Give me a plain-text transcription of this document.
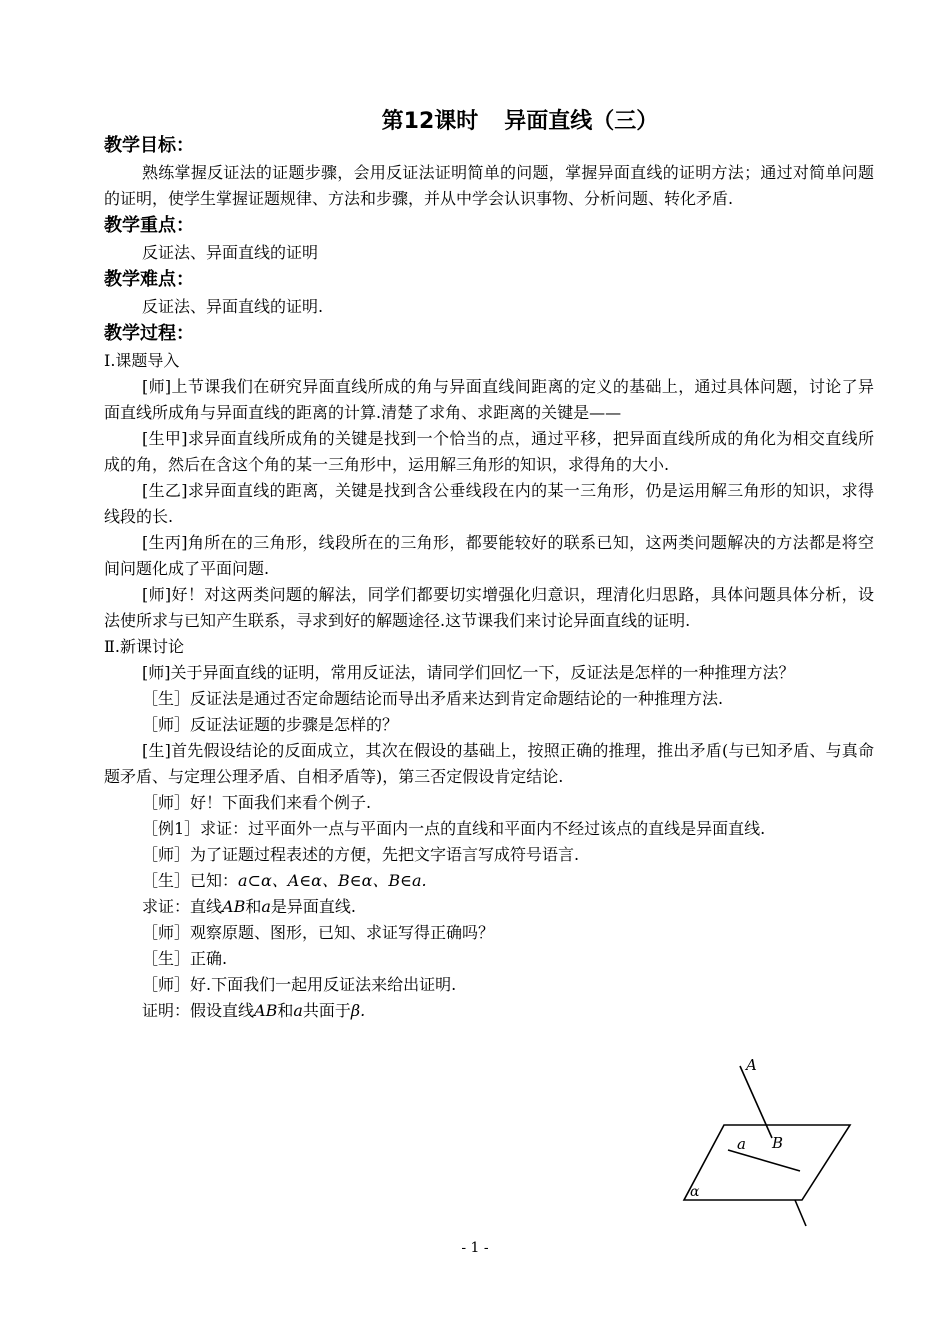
第12课时 异面直线（三）
教学目标：

熟练掌握反证法的证题步骤，会用反证法证明简单的问题，掌握异面直线的证明方法；通过对简单问题的证明，使学生掌握证题规律、方法和步骤，并从中学会认识事物、分析问题、转化矛盾.

教学重点：

反证法、异面直线的证明

教学难点：

反证法、异面直线的证明.

教学过程：

Ⅰ.课题导入

[师]上节课我们在研究异面直线所成的角与异面直线间距离的定义的基础上，通过具体问题，讨论了异面直线所成角与异面直线的距离的计算.清楚了求角、求距离的关键是——

[生甲]求异面直线所成角的关键是找到一个恰当的点，通过平移，把异面直线所成的角化为相交直线所成的角，然后在含这个角的某一三角形中，运用解三角形的知识，求得角的大小.

[生乙]求异面直线的距离，关键是找到含公垂线段在内的某一三角形，仍是运用解三角形的知识，求得线段的长.

[生丙]角所在的三角形，线段所在的三角形，都要能较好的联系已知，这两类问题解决的方法都是将空间问题化成了平面问题.

[师]好！对这两类问题的解法，同学们都要切实增强化归意识，理清化归思路，具体问题具体分析，设法使所求与已知产生联系，寻求到好的解题途径.这节课我们来讨论异面直线的证明.

Ⅱ.新课讨论

[师]关于异面直线的证明，常用反证法，请同学们回忆一下，反证法是怎样的一种推理方法？

［生］反证法是通过否定命题结论而导出矛盾来达到肯定命题结论的一种推理方法.

［师］反证法证题的步骤是怎样的？

[生]首先假设结论的反面成立，其次在假设的基础上，按照正确的推理，推出矛盾(与已知矛盾、与真命题矛盾、与定理公理矛盾、自相矛盾等)，第三否定假设肯定结论.

［师］好！下面我们来看个例子.

［例1］求证：过平面外一点与平面内一点的直线和平面内不经过该点的直线是异面直线.

［师］为了证题过程表述的方便，先把文字语言写成符号语言.

［生］已知：a⊂α、A∈α、B∈α、B∈a.

求证：直线AB和a是异面直线.

［师］观察原题、图形，已知、求证写得正确吗？

［生］正确.

［师］好.下面我们一起用反证法来给出证明.

证明：假设直线AB和a共面于β.

A
B
a
α
- 1 -
